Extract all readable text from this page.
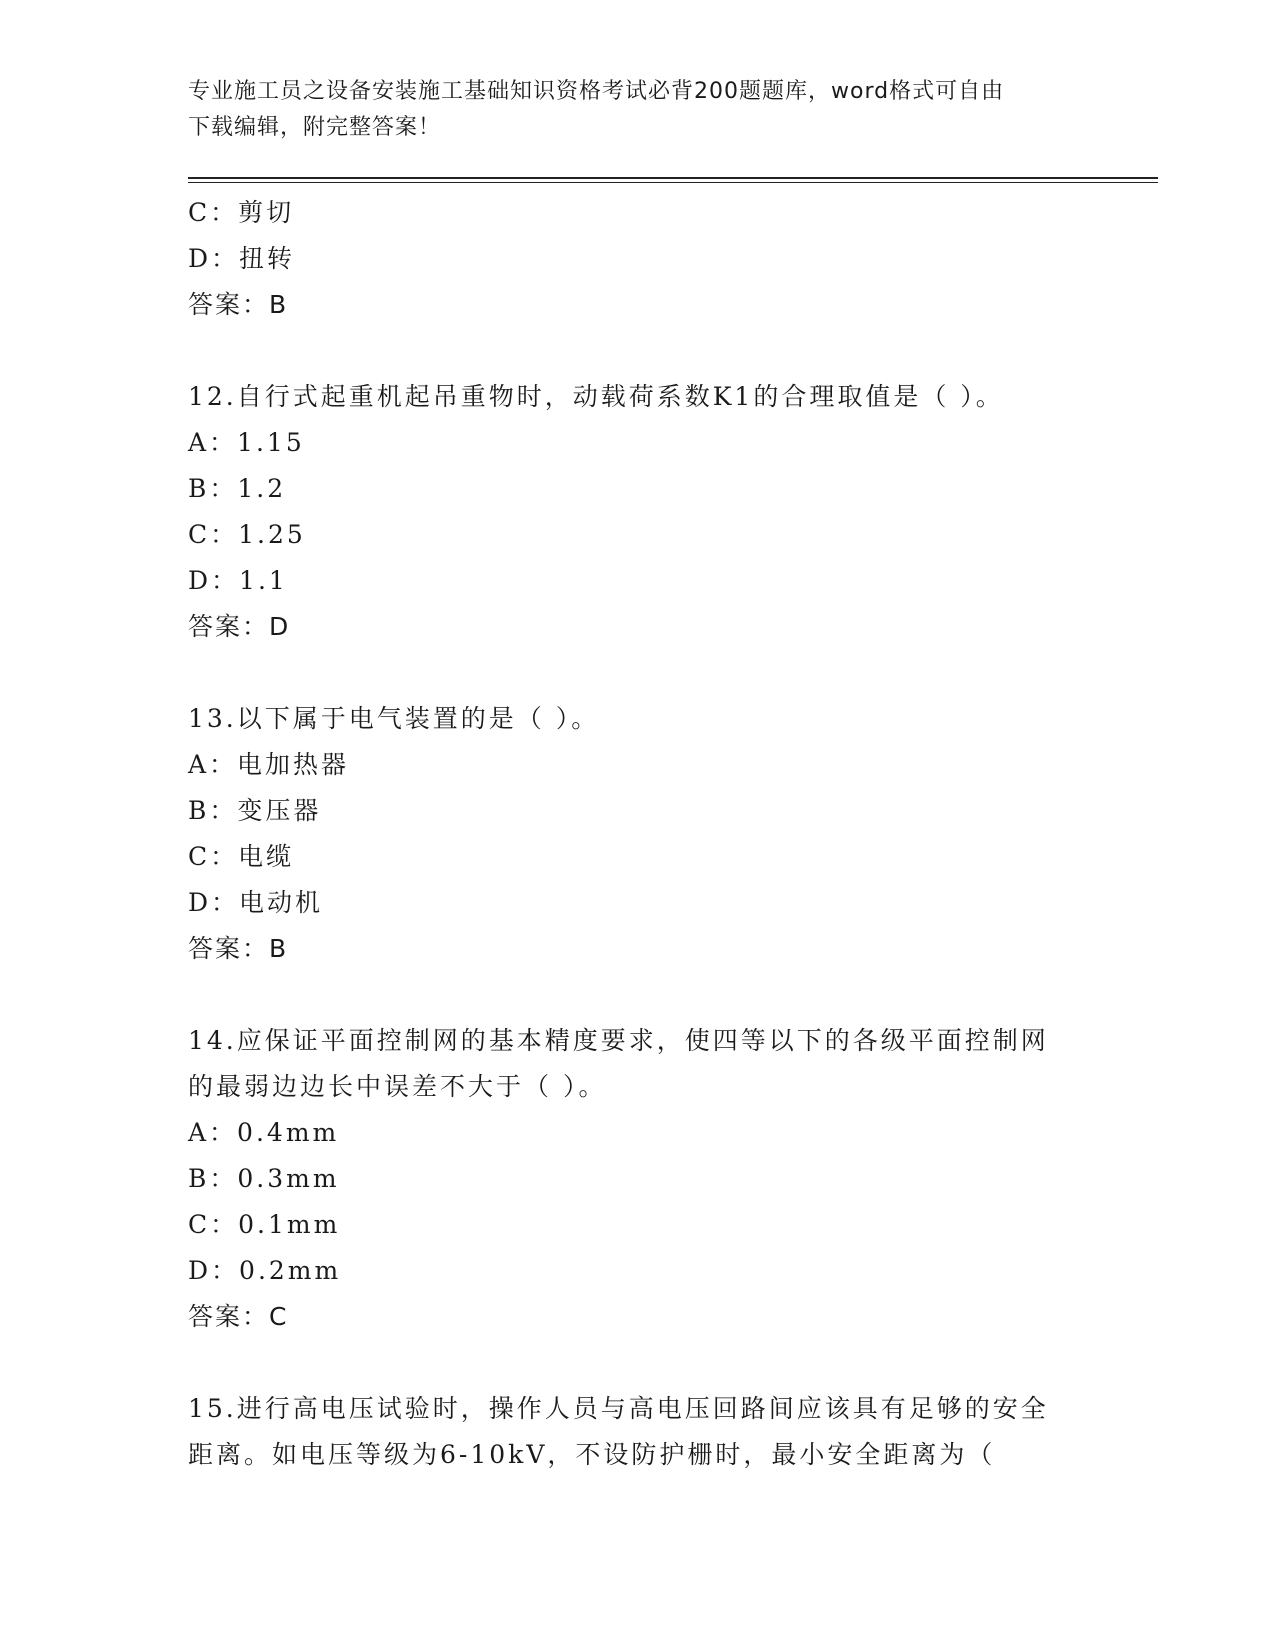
专业施工员之设备安装施工基础知识资格考试必背200题题库，word格式可自由
下载编辑，附完整答案！
C：剪切
D：扭转
答案：B
12.自行式起重机起吊重物时，动载荷系数K1的合理取值是（ ）。
A：1.15
B：1.2
C：1.25
D：1.1
答案：D
13.以下属于电气装置的是（ ）。
A：电加热器
B：变压器
C：电缆
D：电动机
答案：B
14.应保证平面控制网的基本精度要求，使四等以下的各级平面控制网
的最弱边边长中误差不大于（ ）。
A：0.4mm
B：0.3mm
C：0.1mm
D：0.2mm
答案：C
15.进行高电压试验时，操作人员与高电压回路间应该具有足够的安全
距离。如电压等级为6-10kV，不设防护栅时，最小安全距离为（
